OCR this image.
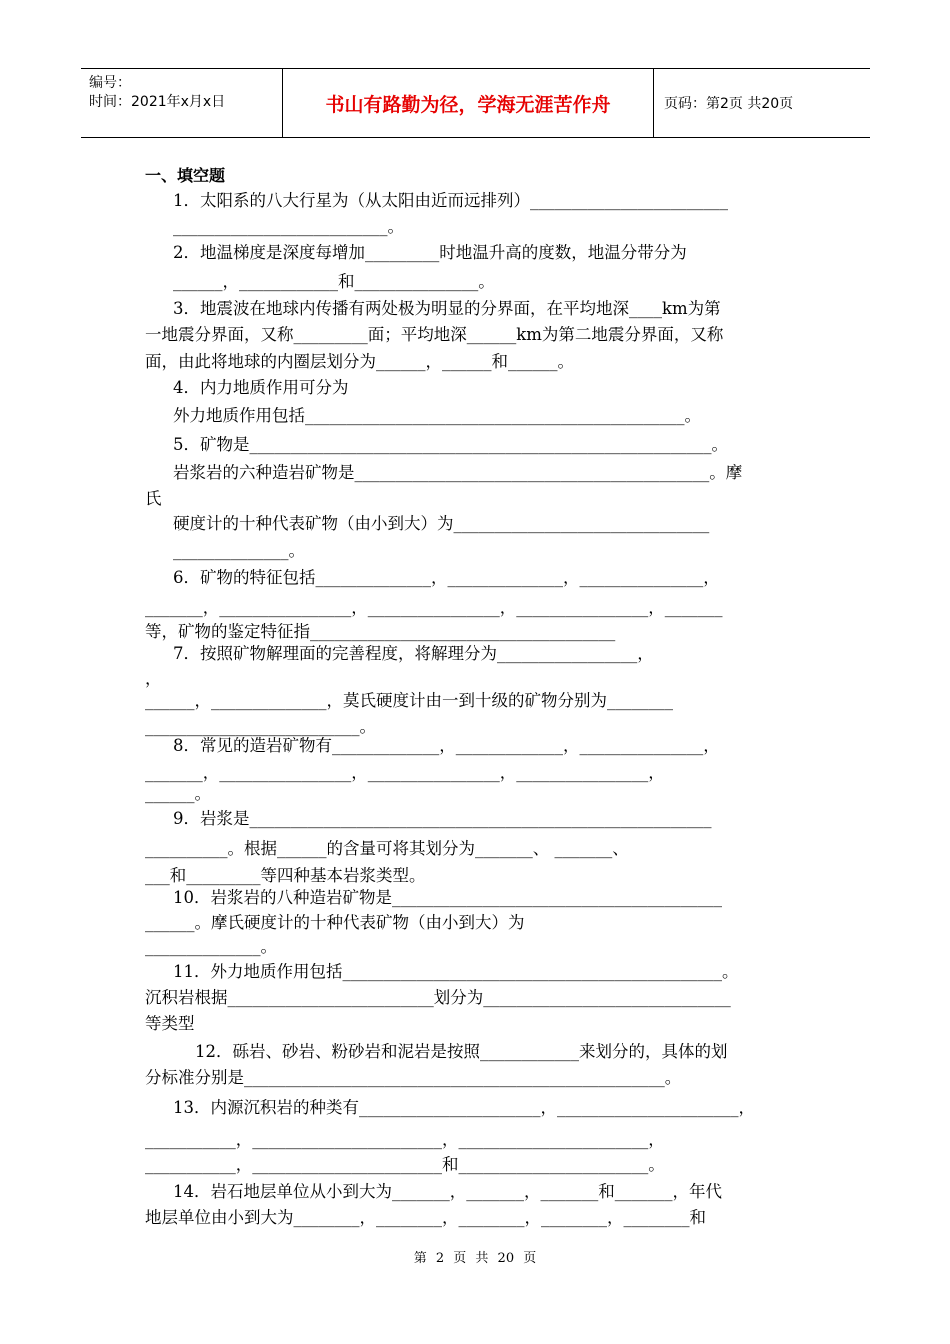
编号：
时间：2021年x月x日	书山有路勤为径，学海无涯苦作舟	页码：第2页 共20页
一、填空题
1．太阳系的八大行星为（从太阳由近而远排列）________________________
__________________________。
2．地温梯度是深度每增加_________时地温升高的度数，地温分带分为
______，____________和_______________。
3．地震波在地球内传播有两处极为明显的分界面，在平均地深____km为第
一地震分界面，又称_________面；平均地深______km为第二地震分界面，又称
面，由此将地球的内圈层划分为______，______和______。
4．内力地质作用可分为
外力地质作用包括______________________________________________。
5．矿物是________________________________________________________。
岩浆岩的六种造岩矿物是___________________________________________。摩
氏
硬度计的十种代表矿物（由小到大）为_______________________________
______________。
6．矿物的特征包括______________，______________，_______________，
_______，________________，________________，________________，_______
等，矿物的鉴定特征指_____________________________________
7．按照矿物解理面的完善程度，将解理分为_________________，
，
______，______________，莫氏硬度计由一到十级的矿物分别为________
__________________________。
8．常见的造岩矿物有_____________，_____________，_______________，
_______，________________，________________，________________，
______。
9．岩浆是________________________________________________________
__________。根据______的含量可将其划分为_______、 _______、
___和_________等四种基本岩浆类型。
10．岩浆岩的八种造岩矿物是________________________________________
______。摩氏硬度计的十种代表矿物（由小到大）为
______________。
11．外力地质作用包括______________________________________________。
沉积岩根据_________________________划分为______________________________
等类型
12．砾岩、砂岩、粉砂岩和泥岩是按照____________来划分的，具体的划
分标准分别是___________________________________________________。
13．内源沉积岩的种类有______________________，______________________，
___________，_______________________，_______________________，
___________，_______________________和_______________________。
14．岩石地层单位从小到大为_______，_______，_______和_______，年代
地层单位由小到大为________，________，________，________，________和
第 2 页 共 20 页
